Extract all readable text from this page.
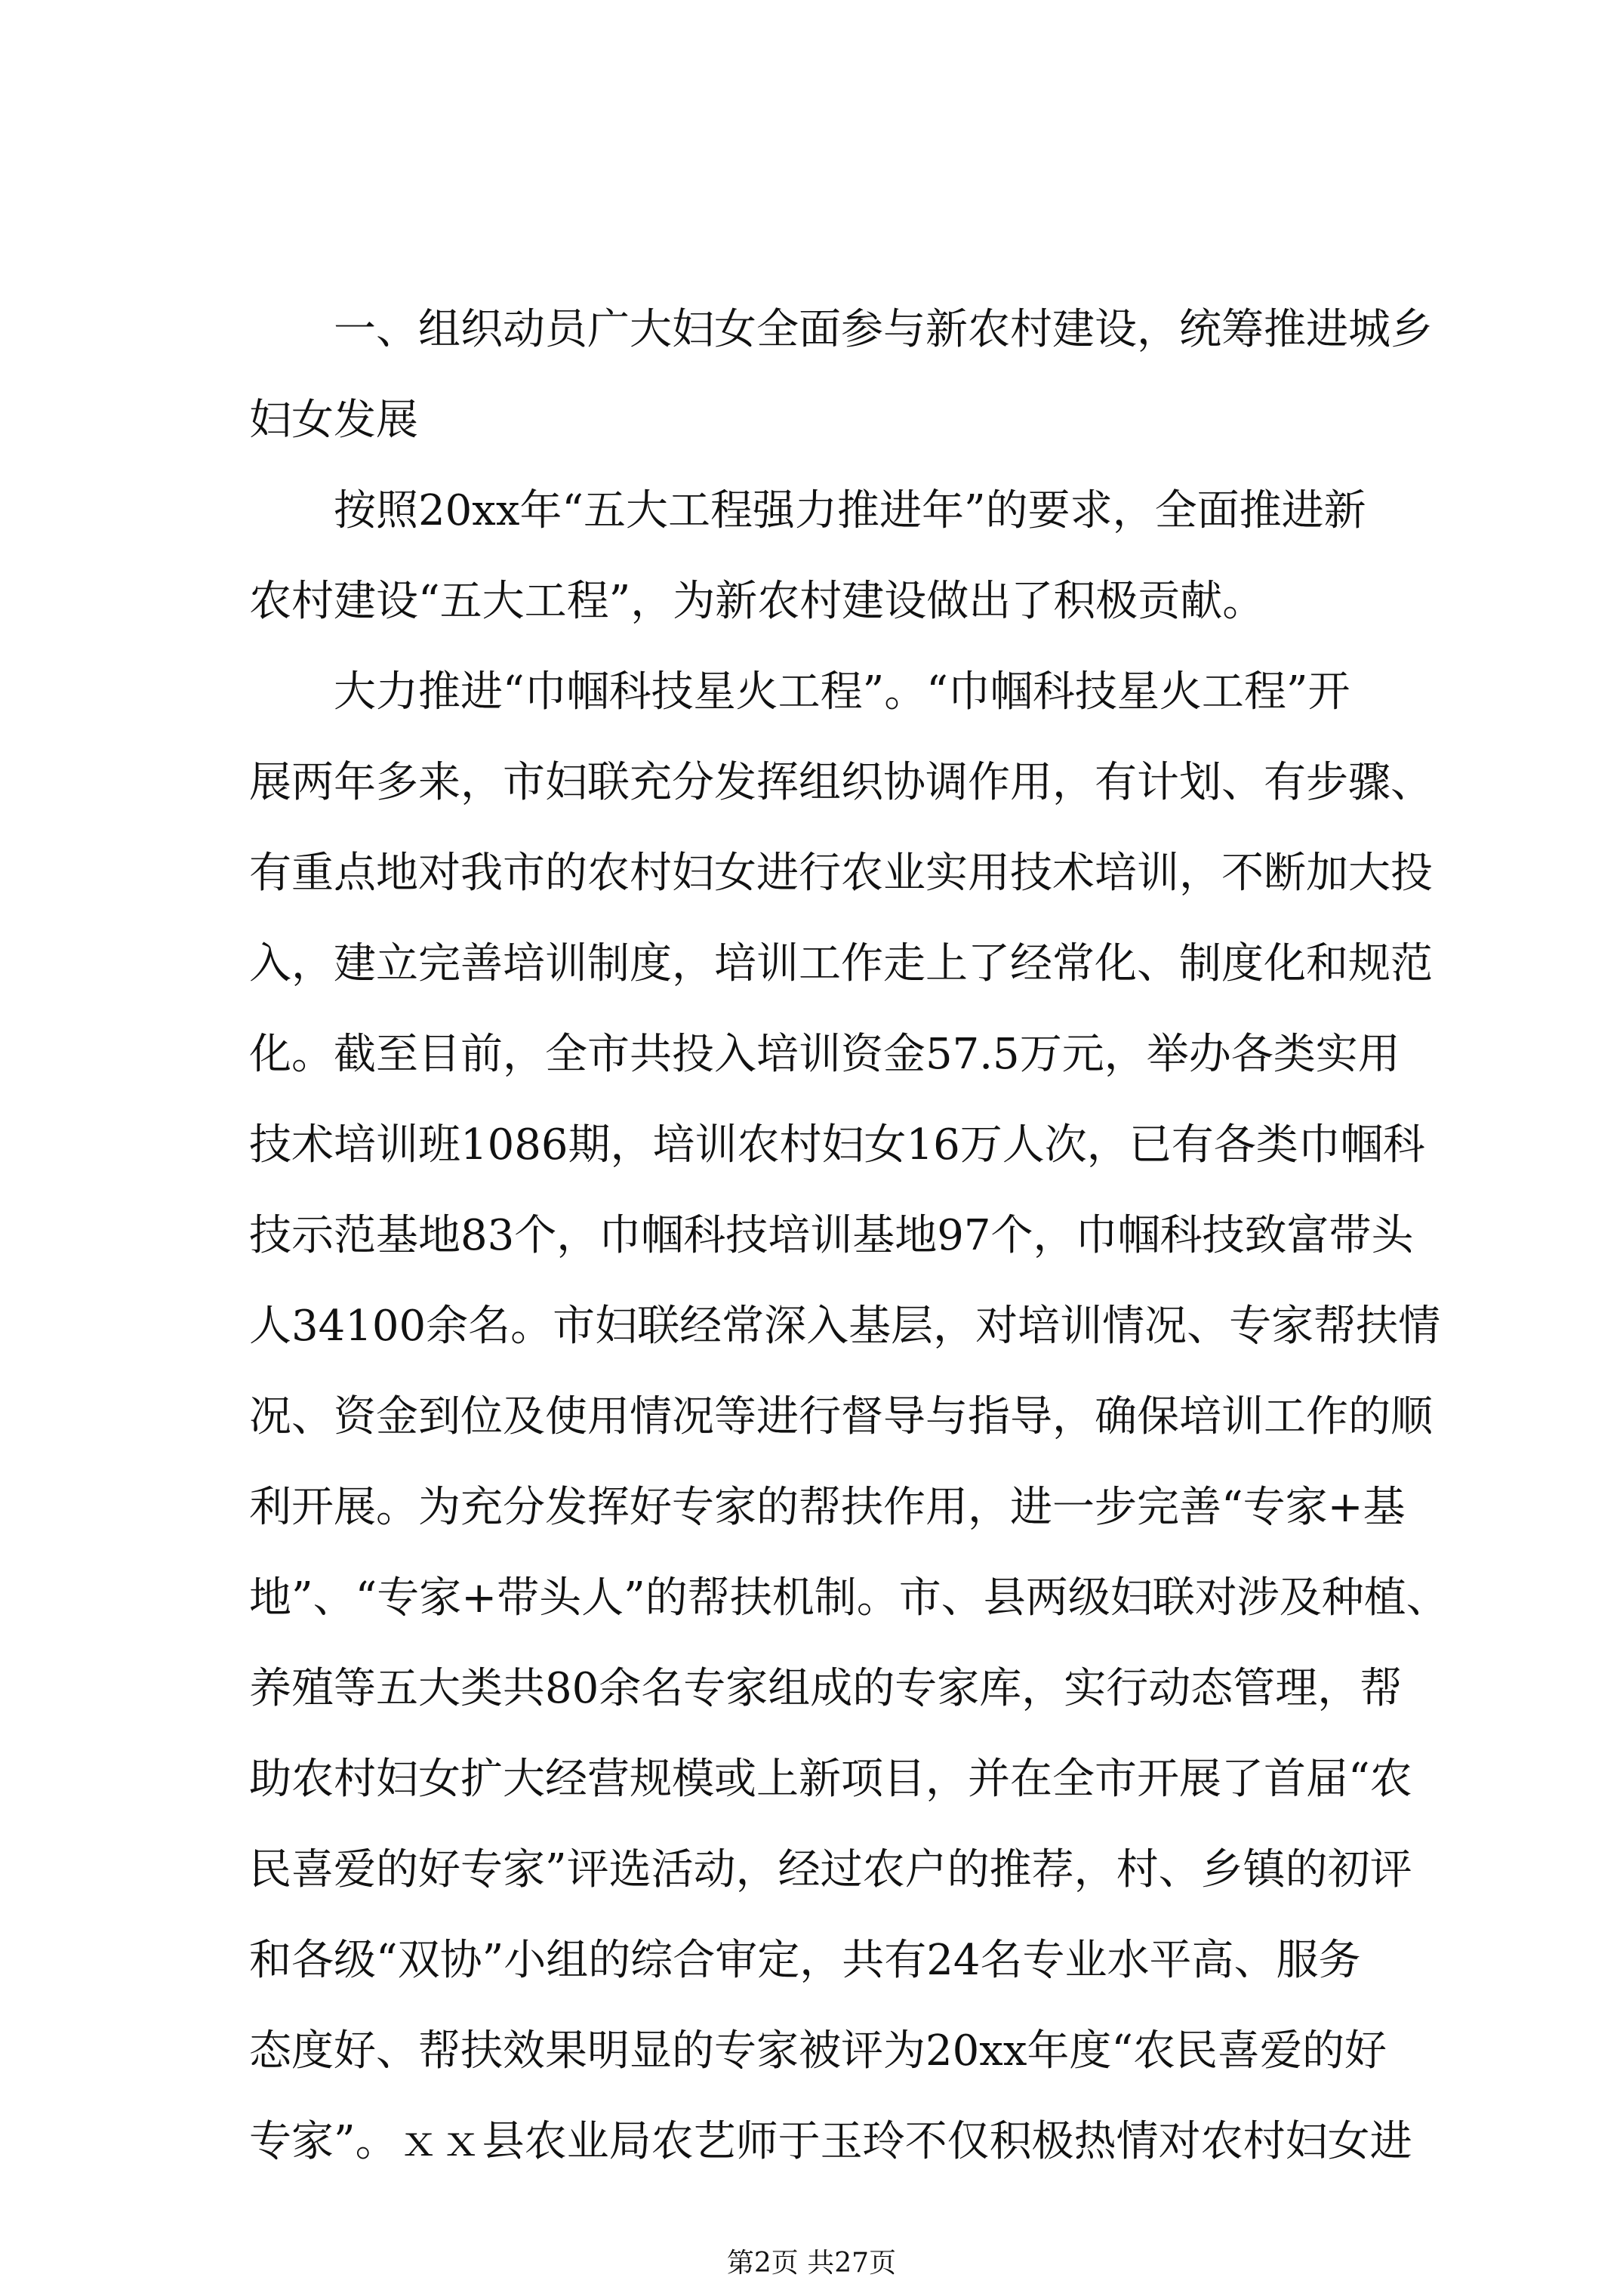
　　一、组织动员广大妇女全面参与新农村建设，统筹推进城乡
妇女发展
　　按照20xx年“五大工程强力推进年”的要求，全面推进新
农村建设“五大工程”，为新农村建设做出了积极贡献。
　　大力推进“巾帼科技星火工程”。“巾帼科技星火工程”开
展两年多来，市妇联充分发挥组织协调作用，有计划、有步骤、
有重点地对我市的农村妇女进行农业实用技术培训，不断加大投
入，建立完善培训制度，培训工作走上了经常化、制度化和规范
化。截至目前，全市共投入培训资金57.5万元，举办各类实用
技术培训班1086期，培训农村妇女16万人次，已有各类巾帼科
技示范基地83个，巾帼科技培训基地97个，巾帼科技致富带头
人34100余名。市妇联经常深入基层，对培训情况、专家帮扶情
况、资金到位及使用情况等进行督导与指导，确保培训工作的顺
利开展。为充分发挥好专家的帮扶作用，进一步完善“专家+基
地”、“专家+带头人”的帮扶机制。市、县两级妇联对涉及种植、
养殖等五大类共80余名专家组成的专家库，实行动态管理，帮
助农村妇女扩大经营规模或上新项目，并在全市开展了首届“农
民喜爱的好专家”评选活动，经过农户的推荐，村、乡镇的初评
和各级“双协”小组的综合审定，共有24名专业水平高、服务
态度好、帮扶效果明显的专家被评为20xx年度“农民喜爱的好
专家”。ｘｘ县农业局农艺师于玉玲不仅积极热情对农村妇女进
第2页 共27页
